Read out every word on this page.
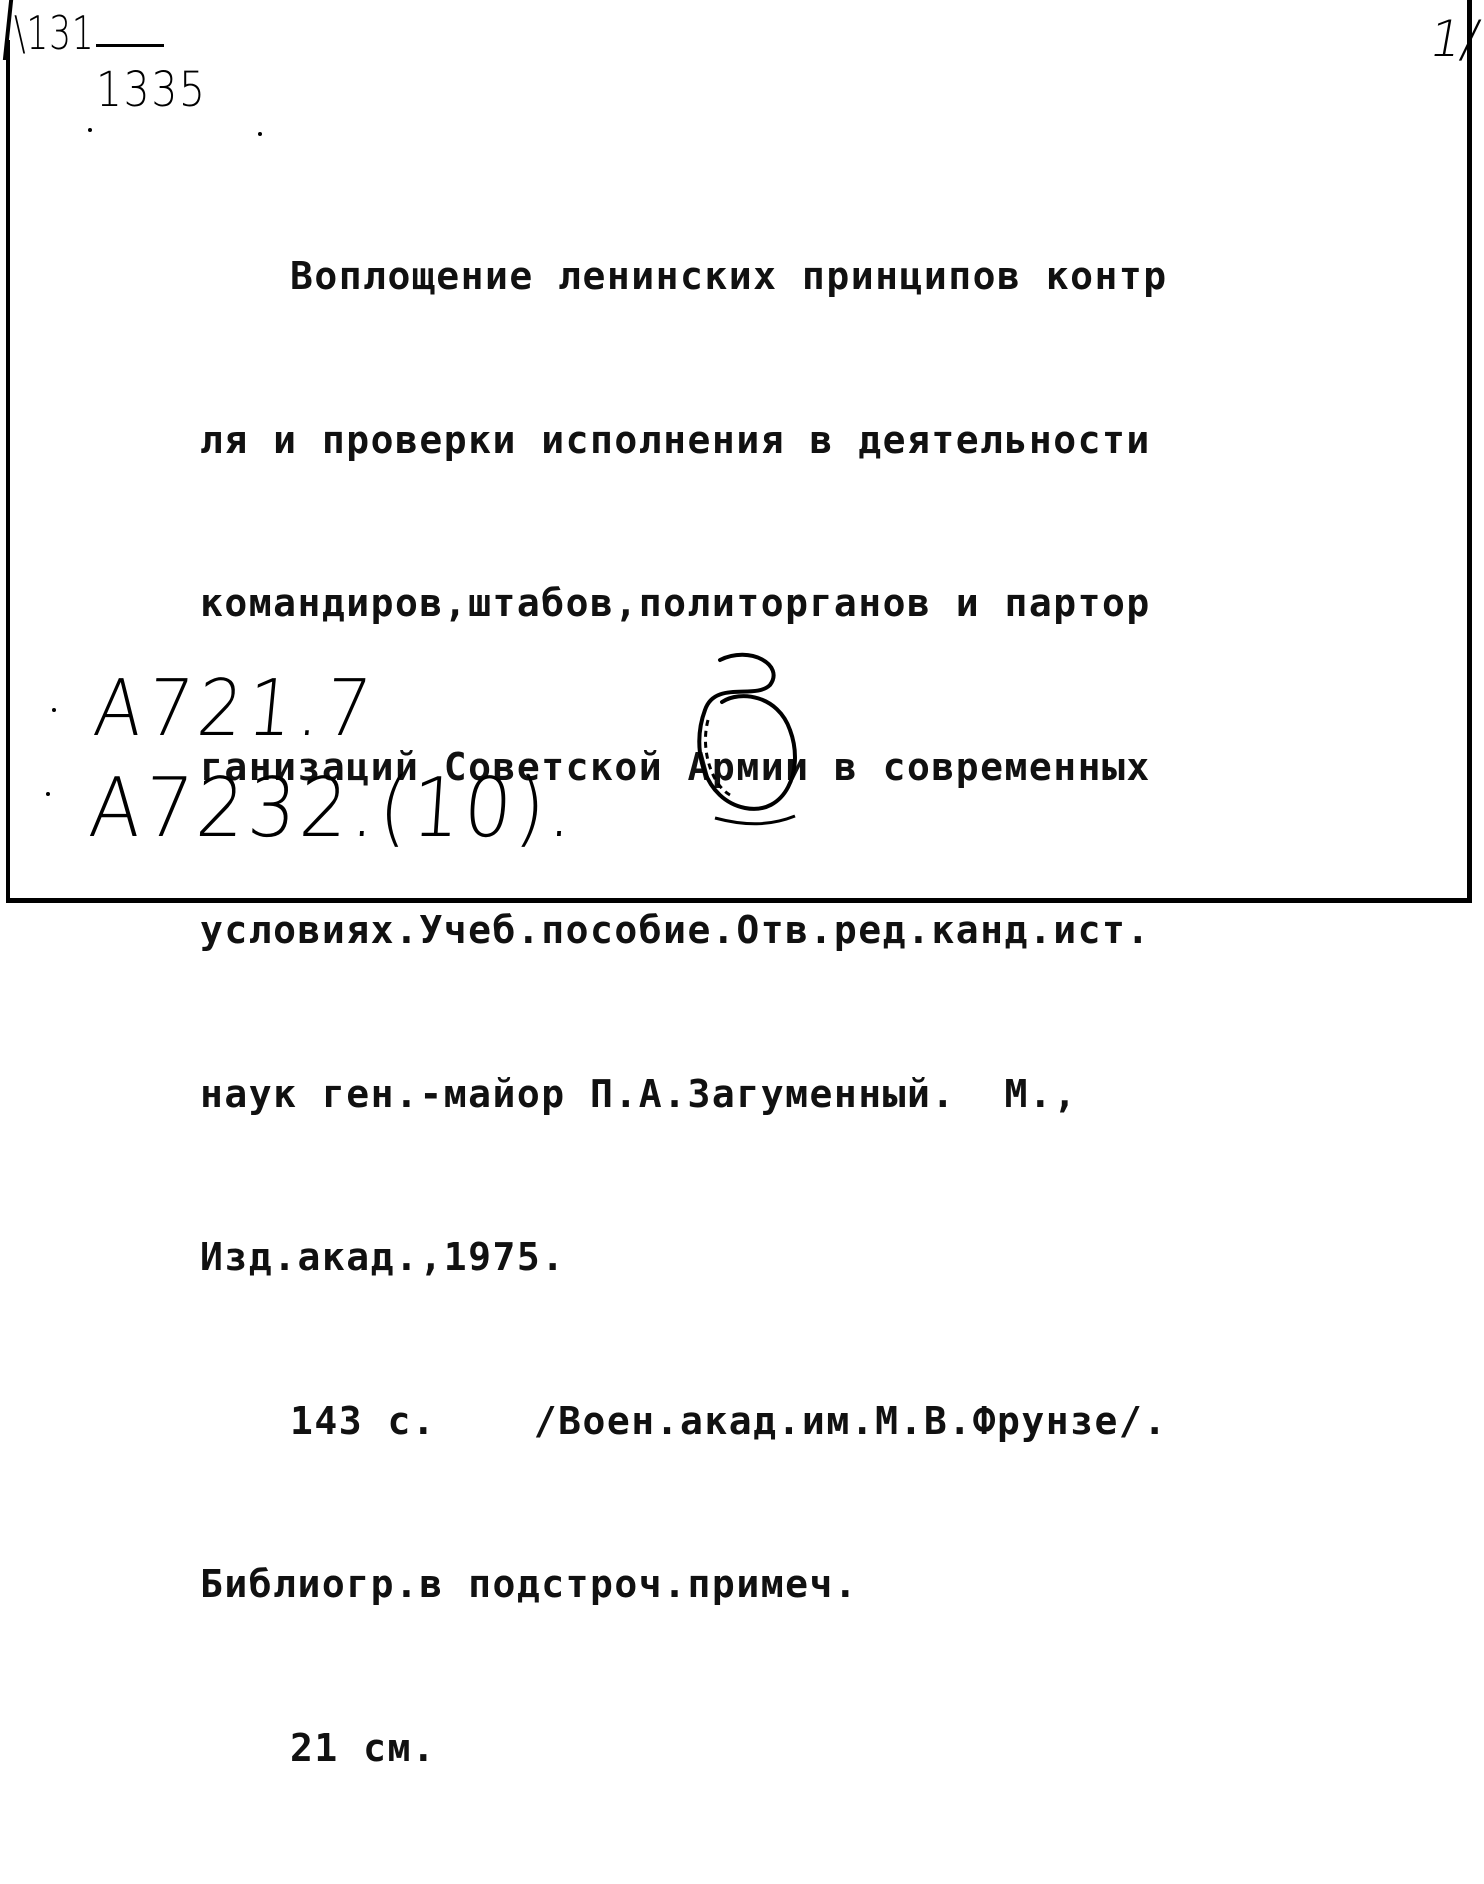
\131
1335
1/

Воплощение ленинских принципов контр

ля и проверки исполнения в деятельности

командиров,штабов,политорганов и партор

ганизаций Советской Армии в современных

условиях.Учеб.пособие.Отв.ред.канд.ист.

наук ген.-майор П.А.Загуменный.  М.,

Изд.акад.,1975.

143 с.    /Воен.акад.им.М.В.Фрунзе/.

Библиогр.в подстроч.примеч.

21 см.

A721.7
A7232.(10).
